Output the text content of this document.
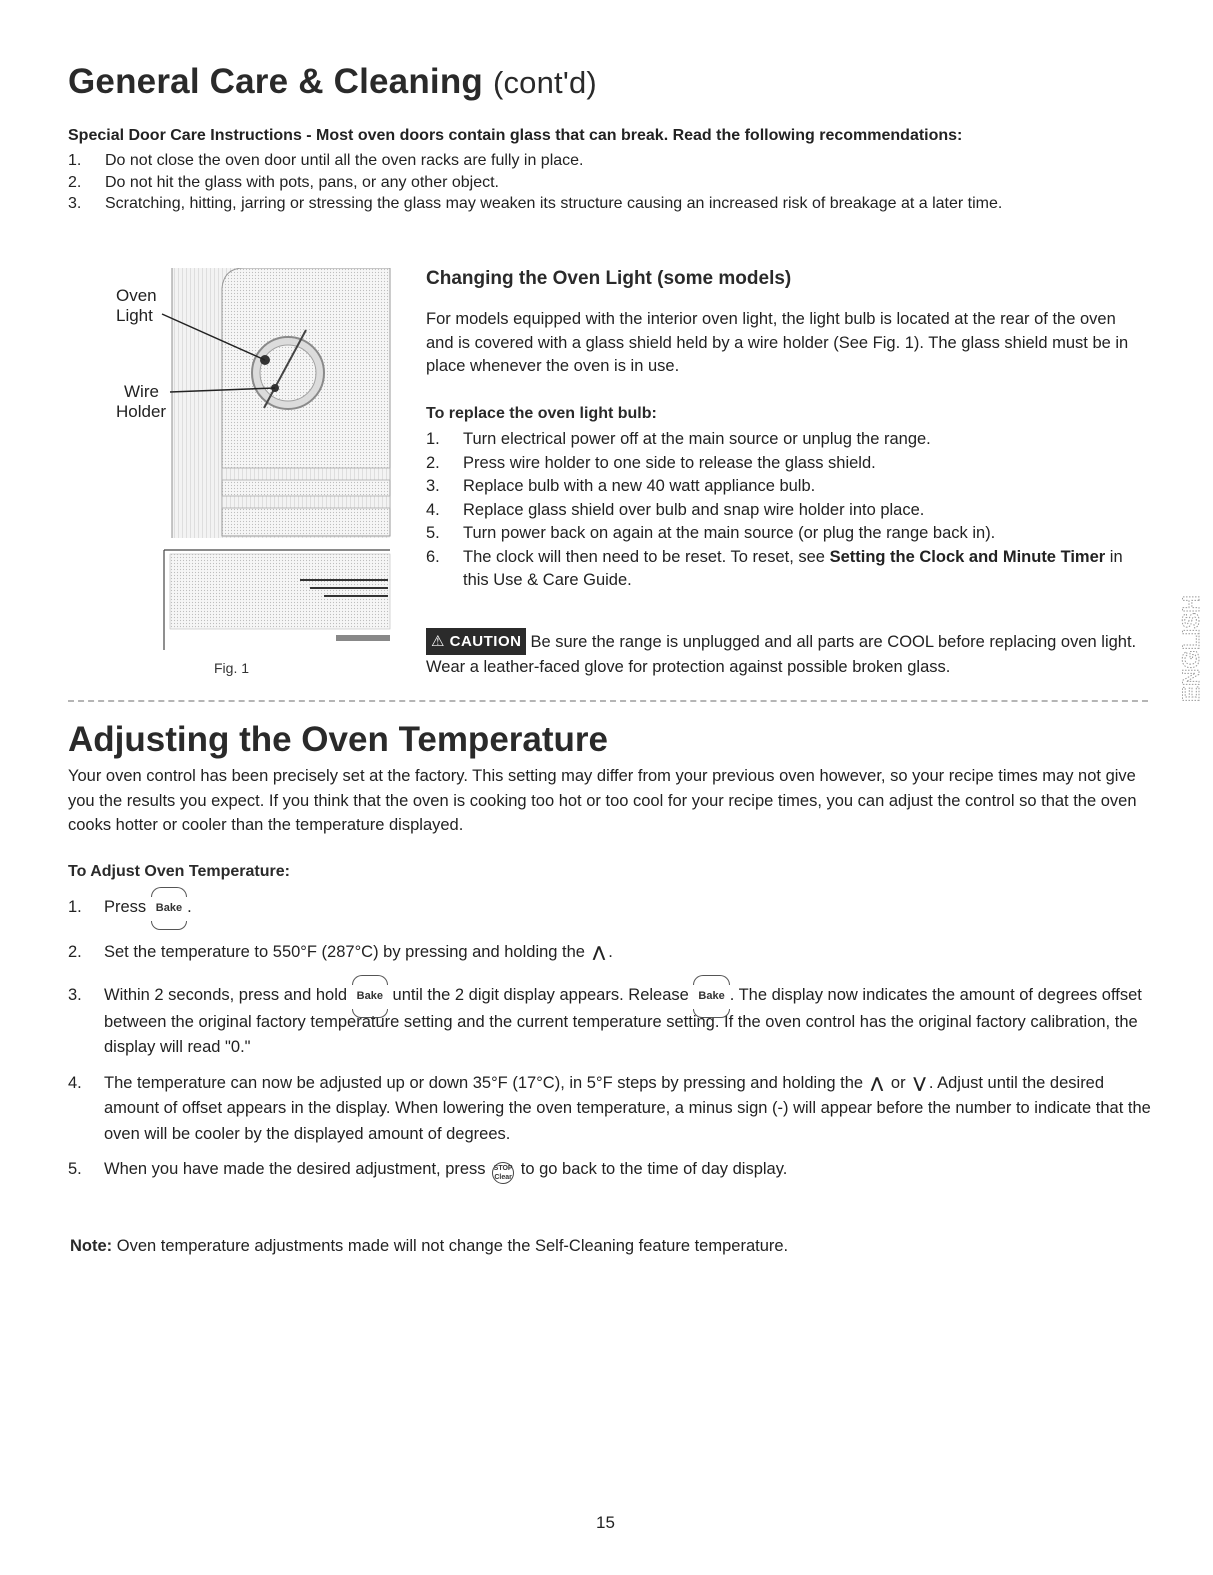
General Care & Cleaning (cont'd)
Special Door Care Instructions - Most oven doors contain glass that can break. Read the following recommendations:
1. Do not close the oven door until all the oven racks are fully in place.
2. Do not hit the glass with pots, pans, or any other object.
3. Scratching, hitting, jarring or stressing the glass may weaken its structure causing an increased risk of breakage at a later time.
Oven
Light
Wire
Holder
Fig. 1
Changing the Oven Light (some models)

For models equipped with the interior oven light, the light bulb is located at the rear of the oven and is covered with a glass shield held by a wire holder (See Fig. 1). The glass shield must be in place whenever the oven is in use.

To replace the oven light bulb:
1. Turn electrical power off at the main source or unplug the range.
2. Press wire holder to one side to release the glass shield.
3. Replace bulb with a new 40 watt appliance bulb.
4. Replace glass shield over bulb and snap wire holder into place.
5. Turn power back on again at the main source (or plug the range back in).
6. The clock will then need to be reset. To reset, see Setting the Clock and Minute Timer in this Use & Care Guide.

⚠ CAUTION Be sure the range is unplugged and all parts are COOL before replacing oven light. Wear a leather-faced glove for protection against possible broken glass.	ENGLISH
Adjusting the Oven Temperature

Your oven control has been precisely set at the factory. This setting may differ from your previous oven however, so your recipe times may not give you the results you expect. If you think that the oven is cooking too hot or too cool for your recipe times, you can adjust the control so that the oven cooks hotter or cooler than the temperature displayed.

To Adjust Oven Temperature:
1. Press Bake .
2. Set the temperature to 550°F (287°C) by pressing and holding the ⋀ .
3. Within 2 seconds, press and hold Bake until the 2 digit display appears. Release Bake . The display now indicates the amount of degrees offset between the original factory temperature setting and the current temperature setting. If the oven control has the original factory calibration, the display will read "0."
4. The temperature can now be adjusted up or down 35°F (17°C), in 5°F steps by pressing and holding the ⋀ or ⋁ . Adjust until the desired amount of offset appears in the display. When lowering the oven temperature, a minus sign (-) will appear before the number to indicate that the oven will be cooler by the displayed amount of degrees.
5. When you have made the desired adjustment, press STOP
Clear to go back to the time of day display.

Note: Oven temperature adjustments made will not change the Self-Cleaning feature temperature.

15
